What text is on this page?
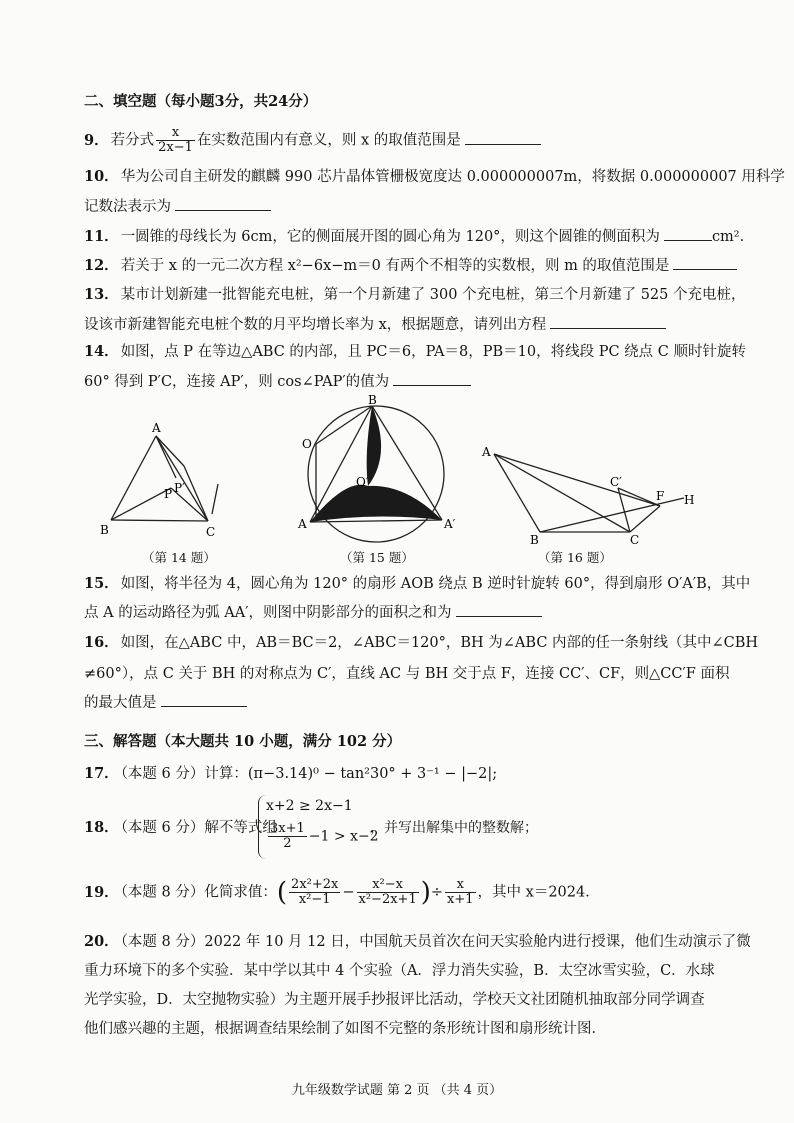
二、填空题（每小题3分，共24分）
9． 若分式 $\frac{x}{2x-1}$ 在实数范围内有意义，则 x 的取值范围是
10． 华为公司自主研发的麒麟 990 芯片晶体管栅极宽度达 0.000000007m，将数据 0.000000007 用科学
记数法表示为
11． 一圆锥的母线长为 6cm，它的侧面展开图的圆心角为 120°，则这个圆锥的侧面积为	cm².
12． 若关于 x 的一元二次方程 x²−6x−m＝0 有两个不相等的实数根，则 m 的取值范围是
13． 某市计划新建一批智能充电桩，第一个月新建了 300 个充电桩，第三个月新建了 525 个充电桩，
设该市新建智能充电桩个数的月平均增长率为 x，根据题意，请列出方程
14． 如图，点 P 在等边△ABC 的内部，且 PC＝6，PA＝8，PB＝10，将线段 PC 绕点 C 顺时针旋转
60° 得到 P′C，连接 AP′，则 cos∠PAP′的值为
A
P′
P
B	C
（第 14 题）
B
O
O′
A	A′
（第 15 题）
A
C′
F H
B	C
（第 16 题）
15． 如图，将半径为 4，圆心角为 120° 的扇形 AOB 绕点 B 逆时针旋转 60°，得到扇形 O′A′B，其中
点 A 的运动路径为弧 AA′，则图中阴影部分的面积之和为
16． 如图，在△ABC 中，AB＝BC＝2，∠ABC＝120°，BH 为∠ABC 内部的任一条射线（其中∠CBH
≠60°），点 C 关于 BH 的对称点为 C′，直线 AC 与 BH 交于点 F，连接 CC′、CF，则△CC′F 面积
的最大值是
三、解答题（本大题共 10 小题，满分 102 分）
17． （本题 6 分）计算：(π−3.14)⁰ − tan²30° + 3⁻¹ − |−2|;
18． （本题 6 分）解不等式组
x+2 ≥ 2x−1
$\frac{3x+1}{2} -1 > x-2$
，并写出解集中的整数解；
19． （本题 8 分）化简求值：( $\frac{\text{2x²+2x}}{\text{x²−1}} - \frac{\text{x²−x}}{\text{x²−2x+1}}$ )÷ $\frac{x}{x+1}$ ，其中 x＝2024．
20． （本题 8 分）2022 年 10 月 12 日，中国航天员首次在问天实验舱内进行授课，他们生动演示了微
重力环境下的多个实验．某中学以其中 4 个实验（A．浮力消失实验，B．太空冰雪实验，C．水球
光学实验，D．太空抛物实验）为主题开展手抄报评比活动，学校天文社团随机抽取部分同学调查
他们感兴趣的主题，根据调查结果绘制了如图不完整的条形统计图和扇形统计图．
九年级数学试题 第 2 页 （共 4 页）
